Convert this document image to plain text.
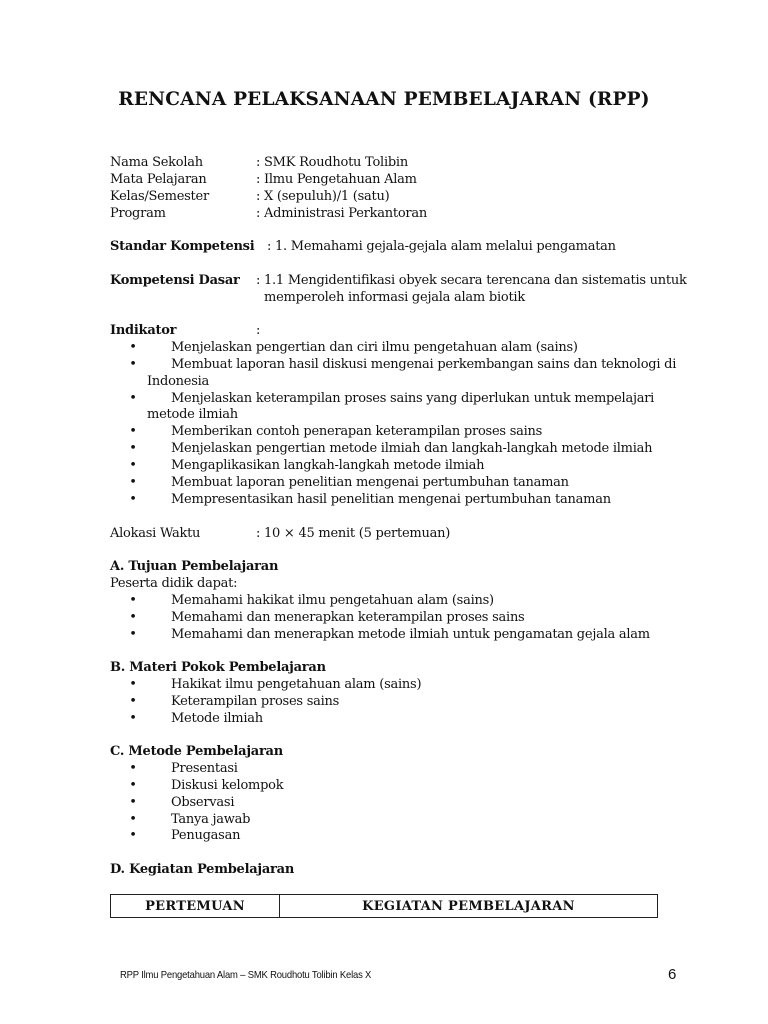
RENCANA PELAKSANAAN PEMBELAJARAN (RPP)
Nama Sekolah	: SMK Roudhotu Tolibin
Mata Pelajaran	: Ilmu Pengetahuan Alam
Kelas/Semester	: X (sepuluh)/1 (satu)
Program	: Administrasi Perkantoran
Standar Kompetensi : 1. Memahami gejala-gejala alam melalui pengamatan
Kompetensi Dasar : 1.1 Mengidentifikasi obyek secara terencana dan sistematis untuk
memperoleh informasi gejala alam biotik
Indikator	:
•	Menjelaskan pengertian dan ciri ilmu pengetahuan alam (sains)
•	Membuat laporan hasil diskusi mengenai perkembangan sains dan teknologi di
Indonesia
•	Menjelaskan keterampilan proses sains yang diperlukan untuk mempelajari
metode ilmiah
•	Memberikan contoh penerapan keterampilan proses sains
•	Menjelaskan pengertian metode ilmiah dan langkah-langkah metode ilmiah
•	Mengaplikasikan langkah-langkah metode ilmiah
•	Membuat laporan penelitian mengenai pertumbuhan tanaman
•	Mempresentasikan hasil penelitian mengenai pertumbuhan tanaman
Alokasi Waktu	: 10 × 45 menit (5 pertemuan)
A. Tujuan Pembelajaran
Peserta didik dapat:
•	Memahami hakikat ilmu pengetahuan alam (sains)
•	Memahami dan menerapkan keterampilan proses sains
•	Memahami dan menerapkan metode ilmiah untuk pengamatan gejala alam
B. Materi Pokok Pembelajaran
•	Hakikat ilmu pengetahuan alam (sains)
•	Keterampilan proses sains
•	Metode ilmiah
C. Metode Pembelajaran
•	Presentasi
•	Diskusi kelompok
•	Observasi
•	Tanya jawab
•	Penugasan
D. Kegiatan Pembelajaran
PERTEMUAN	KEGIATAN PEMBELAJARAN
RPP Ilmu Pengetahuan Alam – SMK Roudhotu Tolibin Kelas X	6
